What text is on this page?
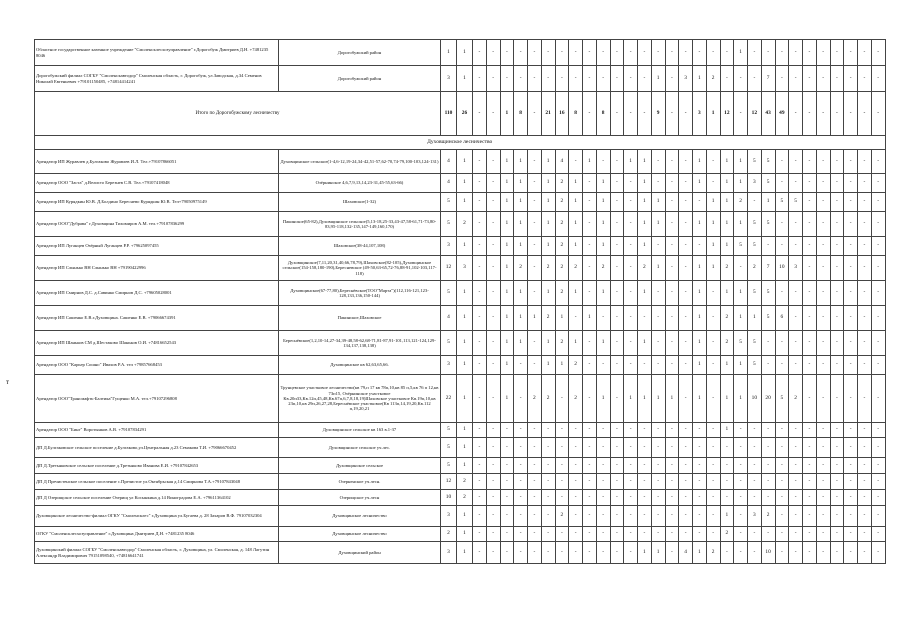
т
Областное государственное казенное учреждение "Смоленсклесхозуправление" г.Дорогобуж Дмитриев Д.Н. +7481235 8046	Дорогобужский район	1	1	-	-	-	-	-	-	-	-	-	-	-	-	-	-	-	-	-	-	-	1	-	-	-	-	-	-	-	-	-	-
Дорогобужский филиал СОГБУ "Смоленскавтодор" Смоленская область, г. Дорогобуж, ул.Заводская, д.34 Семенов Николай Евгеньевич +79101150485, +74814414241	Дорогобужский район	3	1	-	-	-	-	-	-	-	-	-	-	-	-	-	1	-	3	1	2	-	-	-	7	-	-	-	-	-	-	-	-
Итого по Дорогобужскому лесничеству		110	26	-	-	1	8	-	21	16	8	-	8	-	-	-	9	-	-	3	1	12	-	12	43	49	-	-	-	-	-	-	-
Духовщинское лесничество																																	
Арендатор ИП Журавлев д.Булгаково Журавлев И.Л. Тел.+79107866051	Духовщинское сельское(1-4,6-12,19-24,34-42,51-57,62-70,74-79,100-103,124-131)	4	1	-	-	1	1	-	1	4	-	1	-	-	1	1	-	-	-	1	-	1	1	5	5	-	-	-	-	-	-	-	-
Арендатор ООО "Заста" д.Велисто Березнев С.В. Тел.+79107418048	Озёрнинское 4,6,7,9,13,14,23-31,45-55,63-66)	4	1	-	-	1	1	-	1	2	1	-	1	-	-	1	-	-	-	1	-	1	1	3	5	-	-	-	-	-	-	-	-
Арендатор ИП Курядкин Ю.В. Д.Болдино Береснево Курядкин Ю.В. Тел+79050975149	Шаховское(1-32)	5	1	-	-	1	1	-	1	2	1	-	1	-	-	1	1	-	-	-	1	1	2	-	1	5	5	-	-	-	-	-	-
Арендатор ООО"Дубрава" г.Духовщина Тихомиров А.М. тел.+79107836299	Пакинское(65-82),Духовщинское сельское(5,13-18,25-33,43-47,58-61,71-73,80-83,95-118,132-135,147-149,160,170)	5	2	-	-	1	1	-	1	2	1	-	1	-	-	1	1	-	-	1	1	1	1	5	5	-	-	-	-	-	-	-	-
Арендатор ИП Луганцев Озёрный Луганцев Р.Р. +79625097455	Шаховское(38-44,107,108)	3	1	-	-	1	1	-	1	2	1	-	1	-	-	1	-	-	-	-	1	1	5	5	-	-	-	-	-	-	-	-	-
Арендатор ИП Слынько ВН Слынько ВН +79190422996	Духовщинское(7,11,20,31,40,66,78,79),Шаховское(82-105),Духовщинское сельское(154-158,180-190),Бересневское (49-50,63-65,72-76,88-91,102-103,117-118)	12	3	-	-	1	2	-	2	2	2	-	2	-	-	2	1	-	-	1	1	2	-	2	7	10	3	-	-	-	-	-	-
Арендатор ИП Смирнов Д.С. д.Савинко Смирнов Д.С. +79605028001	Духовщинское(67-77,80),Береснёвское(ТОО"Марта")(112,116-121,123-128,133,136,150-144)	5	1	-	-	1	1	-	1	2	1	-	1	-	-	1	-	-	-	1	-	1	1	5	5	-	-	-	-	-	-	-	-
Арендатор ИП Сашенко Е.В.г.Духовщина. Сашенко Е.В. +79066674391	Пакинское,Шаховское	4	1	-	-	1	1	1	2	1	-	1	-	-	-	-	-	-	-	1	-	2	1	1	5	6	-	-	-	-	-	-	-
Арендатор ИП Шаньков СМ д.Шестаково Шаньков О.И. +74816652543	Береснёвское(1,2,10-14,27-34,39-48,58-62,68-71,81-87,91-101,113,121-124,129-134,137,138,138)	5	1	-	-	1	1	-	1	2	1	-	1	-	-	1	-	-	-	1	-	2	5	5	-	-	-	-	-	-	-	-	-
Арендатор ООО "Карьер Сошно" Ивахов Р.А. тел +79857668453	Духовщинское кв 62,63,65,66.	3	1	-	-	1	-	-	1	1	2	-	-	-	-	-	-	-	-	1	-	1	1	5	-	-	-	-	-	-	-	-	-
Арендатор ООО"Трансмафть-Балтика"Гущенко М.А. тел.+79107296808	Трунцевское участковое лесничество(кв 79,п 17 кв 78п,10,кв 85 п,5,кв 76 п 12,кв 73п15, Озёрнинское участковое Кв.20п33,Кв.12п,45,48,Кв.67п,6,7,8,18,19)Шаховское участковое Кв.19п,10,кв 23п,10,кв 29п,26,27,28,Береснёвское участковое(Кв 113п,14,19,20,Кв.112 п,19,20,21	22	1	-	-	1	-	2	2	-	2	-	1	-	1	1	1	1	-	1	-	1	1	10	20	5	2	-	-	-	-	-	-
Арендатор ООО "Бинг" Воротынков А.В. +79107834291	Духовщинское сельское кв 163 в.1-37	5	1	-	-	-	-	-	-	-	-	-	-	-	-	-	-	-	-	-	-	1	-	-	-	-	-	-	-	-	-	-	-
ДП Д.Булгаковское сельское поселение д.Булгаково,ул.Центральная д.23 Семакова Т.И. +79066670452	Духовщинское сельское уч.лес.	5	1	-	-	-	-	-	-	-	-	-	-	-	-	-	-	-	-	-	-	-	-	-	-	-	-	-	-	-	-	-	-
ДП Д.Третьяковское сельское поселение д.Третьяково Иванова Е.И. +79107842653	Духовщинское сельское	5	1	-	-	-	-	-	-	-	-	-	-	-	-	-	-	-	-	-	-	-	-	-	-	-	-	-	-	-	-	-	-
ДП Д Пречистенское сельское поселение с.Пречистое ул.Октябрьская д.14 Смирнова Т.А.+79107843048	Озерненское уч.лесн.	12	2	-	-	-	-	-	-	-	-	-	-	-	-	-	-	-	-	-	-	-	-	-	-	-	-	-	-	-	-	-	-
ДП Д Озерищское сельское поселение Озерищ ул Косынкина д.14 Виноградова Е.А. +79611364102	Озерищское уч.лесн	10	2	-	-	-	-	-	-	-	-	-	-	-	-	-	-	-	-	-	-	-	-	-	-	-	-	-	-	-	-	-	-
Духовщинское лесничество-филиал ОГКУ "Смоленсклес" г.Духовщина ул.Бугаева д. 28 Захаров В.Ф. 79107032304	Духовщинское лесничество	3	1	-	-	-	-	-	-	2	-	-	-	-	-	-	-	-	-	-	-	1	-	3	2	-	-	-	-	-	-	-	-
ОГКУ "Смоленсклесхозуправление" г.Духовщина Дмитриев Д.Н. +7481235 8046	Духовщинское лесничество	2	1	-	-	-	-	-	-	-	-	-	-	-	-	-	-	-	-	-	-	2	-	-	-	-	-	-	-	-	-	-	-
Духовщинский филиал СОГБУ "Смоленскавтодор" Смоленская область, г. Духовщина, ул. Смоленская, д. 148 Лагутин Александр Владимирович 79151098540, +74816641741	Духовщинский район	3	1	-	-	-	-	-	-	-	-	-	-	-	-	1	1	-	4	1	2	-	-	-	10	-	-	-	-	-	-	-	-
